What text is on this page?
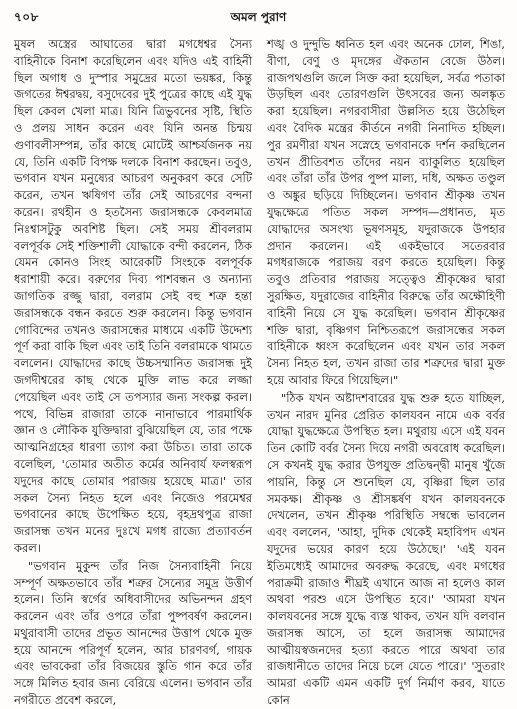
৭০৮	অমল পুরাণ

মুষল অস্ত্রের আঘাতের দ্বারা মগধেশ্বর সৈন্য বাহিনীকে বিনাশ করেছিলেন এবং যদিও এই বাহিনী ছিল অগাধ ও দুস্পার সমুদ্রের মতো ভয়ঙ্কর, কিন্তু জগতের ঈশ্বরদ্বয়, বসুদেবের দুই পুত্রের কাছে এই যুদ্ধ ছিল কেবল খেলা মাত্র। যিনি ত্রিভুবনের সৃষ্টি, স্থিতি ও প্রলয় সাধন করেন এবং যিনি অনন্ত চিন্ময় গুণাবলীসম্পন্ন, তাঁর কাছে মোটেই আশ্চর্যজনক নয় যে, তিনি একটি বিপক্ষ দলকে বিনাশ করছেন। তবুও, ভগবান যখন মনুষ্যের আচরণ অনুকরণ করে সেটি করেন, তখন ঋষিগণ তাঁর সেই আচরণের বন্দনা করেন। রথহীন ও হতসৈন্য জরাসন্ধকে কেবলমাত্র নিঃশ্বাসটুকু অবশিষ্ট ছিল। সেই সময় শ্রীবলরাম বলপূর্বক সেই শক্তিশালী যোদ্ধাকে বন্দী করলেন, ঠিক যেমন কোনও সিংহ আরেকটি সিংহকে বলপূর্বক ধরাশায়ী করে। বরুণের দিব্য পাশবন্ধন ও অন্যান্য জাগতিক রজ্জু দ্বারা, বলরাম সেই বহু শত্রু হন্তা জরাসন্ধকে বন্ধন করতে শুরু করলেন। কিন্তু ভগবান গোবিন্দের তখনও জরাসন্ধের মাধ্যমে একটি উদ্দেশ্য পূর্ণ করা বাকি ছিল এবং তাই তিনি বলরামকে থামতে বললেন। যোদ্ধাদের কাছে উচ্চসম্মানিত জরাসন্ধ দুই জগদীশ্বরের কাছ থেকে মুক্তি লাভ করে লজ্জা পেয়েছিল এবং তাই সে তপস্যার জন্য সংকল্প করল। পথে, বিভিন্ন রাজারা তাকে নানাভাবে পারমার্থিক জ্ঞান ও লৌকিক যুক্তিদ্বারা বুঝিয়েছিল যে, তার পক্ষে আত্মনিগ্রহের ধারণা ত্যাগ করা উচিত। তারা তাকে বলেছিল, 'তোমার অতীত কর্মের অনিবার্য ফলস্বরূপ যদুদের কাছে তোমার পরাজয় হয়েছে মাত্র।' তার সকল সৈন্য নিহত হলে এবং নিজেও পরমেশ্বর ভগবানের কাছে উপেক্ষিত হয়ে, বৃহদ্রথপুত্র রাজা জরাসন্ধ তখন মনের দুঃখে মগধ রাজ্যে প্রত্যাবর্তন করল।

"ভগবান মুকুন্দ তাঁর নিজ সৈন্যবাহিনী নিয়ে সম্পূর্ণ অক্ষতভাবে তাঁর শত্রুর সৈন্যের সমুদ্র উত্তীর্ণ হলেন। তিনি স্বর্গের অধিবাসীদের অভিনন্দন গ্রহণ করলেন এবং তাঁর ওপরে তাঁরা পুষ্পবর্ষণ করলেন। মথুরাবাসী তাদের প্রভূত আনন্দের উত্তাপ থেকে মুক্ত হয়ে আনন্দে পরিপূর্ণ হলেন, আর চারণবর্গ, গায়ক এবং ভাবকেরা তাঁর বিজয়ের স্তুতি গান করে তাঁর সঙ্গে মিলিত হবার জন্য বেরিয়ে এলেন। ভগবান তাঁর নগরীতে প্রবেশ করলে,

শঙ্খ ও দুন্দুভি ধ্বনিত হল এবং অনেক ঢোল, শিঙা, বীণা, বেণু ও মৃদঙ্গের ঐকতান বেজে উঠল। রাজপথগুলি জলে সিক্ত করা হয়েছিল, সর্বত্র পতাকা উড়ছিল এবং তোরণগুলি উৎসবের জন্য অলঙ্কৃত করা হয়েছিল। নগরবাসীরা উল্লসিত হয়ে উঠেছিল এবং বৈদিক মন্ত্রের কীর্তনে নগরী নিনাদিত হচ্ছিল। পুর রমণীরা যখন সস্নেহে ভগবানকে দর্শন করছিলেন তখন প্রীতিবশত তাঁদের নয়ন ব্যাকুলিত হয়েছিল এবং তাঁরা তাঁর উপর পুষ্প মাল্য, দধি, অক্ষত তণ্ডুল ও অঙ্কুর ছড়িয়ে দিচ্ছিলেন। ভগবান শ্রীকৃষ্ণ তখন যুদ্ধক্ষেত্রে পতিত সকল সম্পদ—প্রধানত, মৃত যোদ্ধাদের অসংখ্য ভূষণসমূহ, যদুরাজকে উপহার প্রদান করলেন। এই একইভাবে সতেরবার মগধরাজকে পরাজয় বরণ করতে হয়েছিল। কিন্তু তবুও প্রতিবার পরাজয় সত্ত্বেও শ্রীকৃষ্ণের দ্বারা সুরক্ষিত, যদুরাজের বাহিনীর বিরুদ্ধে তাঁর অক্ষৌহিণী বাহিনী নিয়ে সে যুদ্ধ করেছিল। ভগবান শ্রীকৃষ্ণের শক্তি দ্বারা, বৃষ্ণিগণ নিশ্চিতরূপে জরাসন্ধের সকল বাহিনীকে ধ্বংস করেছিলেন এবং যখন তার সকল সৈন্য নিহত হল, তখন রাজা তার শত্রুদের দ্বারা মুক্ত হয়ে আবার ফিরে গিয়েছিল।"

"ঠিক যখন অষ্টাদশবারের যুদ্ধ শুরু হতে যাচ্ছিল, তখন নারদ মুনির প্রেরিত কালযবন নামে এক বর্বর যোদ্ধা যুদ্ধক্ষেত্রে উপস্থিত হল। মথুরায় এসে এই যবন তিন কোটি বর্বর সৈন্য দিয়ে নগরী অবরোধ করেছিল। সে কখনই যুদ্ধ করার উপযুক্ত প্রতিদ্বন্দ্বী মানুষ খুঁজে পায়নি, কিন্তু সে শুনেছিল যে, বৃষ্ণিরা ছিল তার সমকক্ষ। শ্রীকৃষ্ণ ও শ্রীসঙ্কর্ষণ যখন কালযবনকে দেখলেন, তখন শ্রীকৃষ্ণ পরিস্থিতি সম্বন্ধে ভাবলেন এবং বললেন, 'আহা, দুদিক থেকেই মহাবিপদ এখন যদুদের ভয়ের কারণ হয়ে উঠেছে।' 'এই যবন ইতিমধ্যেই আমাদের অবরুদ্ধ করেছে, এবং মগধের পরাক্রমী রাজাও শীঘ্রই এখানে আজ না হলেও কাল অথবা পরশু এসে উপস্থিত হবে।' 'আমরা যখন কালযবনের সঙ্গে যুদ্ধে ব্যস্ত থাকব, তখন যদি বলবান জরাসন্ধ আসে, তা হলে জরাসন্ধ আমাদের আত্মীয়স্বজনদের হত্যা করতে পারে অথবা তার রাজধানীতে তাদের নিয়ে চলে যেতে পারে।' 'সুতরাং আমরা একটি এমন একটি দুর্গ নির্মাণ করব, যাতে কোন
